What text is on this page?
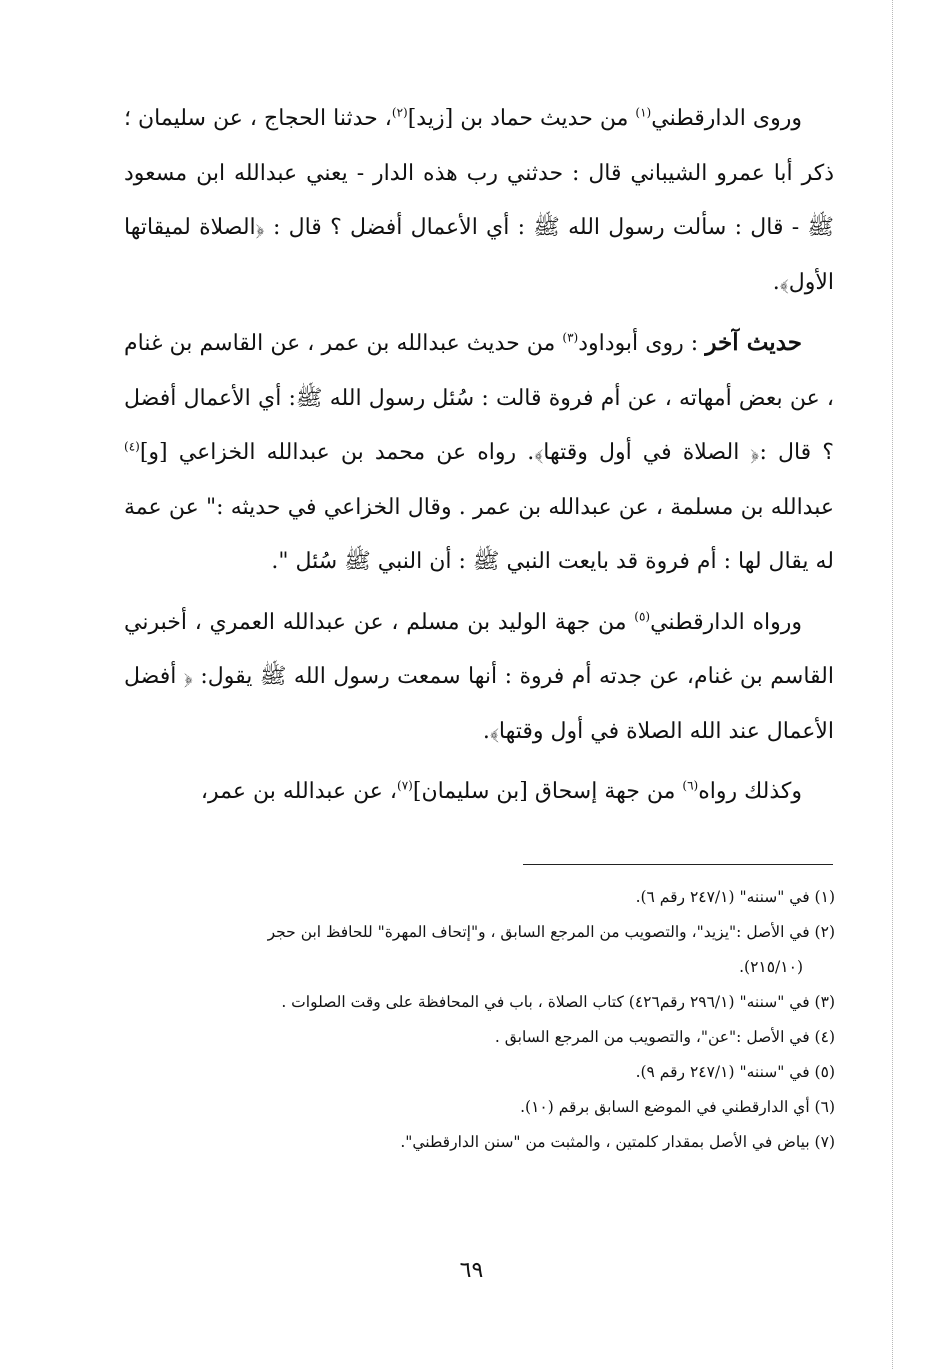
وروى الدارقطني$^{(١)}$ من حديث حماد بن [زيد]$^{(٢)}$، حدثنا الحجاج ، عن سليمان ؛ ذكر أبا عمرو الشيباني قال : حدثني رب هذه الدار - يعني عبدالله ابن مسعود ﷺ - قال : سألت رسول الله ﷺ : أي الأعمال أفضل ؟ قال : ﴿الصلاة لميقاتها الأول﴾.

حديث آخر : روى أبوداود$^{(٣)}$ من حديث عبدالله بن عمر ، عن القاسم بن غنام ، عن بعض أمهاته ، عن أم فروة قالت : سُئل رسول الله ﷺ: أي الأعمال أفضل ؟ قال :﴿ الصلاة في أول وقتها﴾. رواه عن محمد بن عبدالله الخزاعي [و]$^{(٤)}$ عبدالله بن مسلمة ، عن عبدالله بن عمر . وقال الخزاعي في حديثه :" عن عمة له يقال لها : أم فروة قد بايعت النبي ﷺ : أن النبي ﷺ سُئل ".

ورواه الدارقطني$^{(٥)}$ من جهة الوليد بن مسلم ، عن عبدالله العمري ، أخبرني القاسم بن غنام، عن جدته أم فروة : أنها سمعت رسول الله ﷺ يقول: ﴿ أفضل الأعمال عند الله الصلاة في أول وقتها﴾.

وكذلك رواه$^{(٦)}$ من جهة إسحاق [بن سليمان]$^{(٧)}$، عن عبدالله بن عمر،

(١) في "سننه" (٢٤٧/١ رقم ٦).

(٢) في الأصل :"يزيد"، والتصويب من المرجع السابق ، و"إتحاف المهرة" للحافظ ابن حجر

(٢١٥/١٠).

(٣) في "سننه" (٢٩٦/١ رقم٤٢٦) كتاب الصلاة ، باب في المحافظة على وقت الصلوات .

(٤) في الأصل :"عن"، والتصويب من المرجع السابق .

(٥) في "سننه" (٢٤٧/١ رقم ٩).

(٦) أي الدارقطني في الموضع السابق برقم (١٠).

(٧) بياض في الأصل بمقدار كلمتين ، والمثبت من "سنن الدارقطني".

٦٩
